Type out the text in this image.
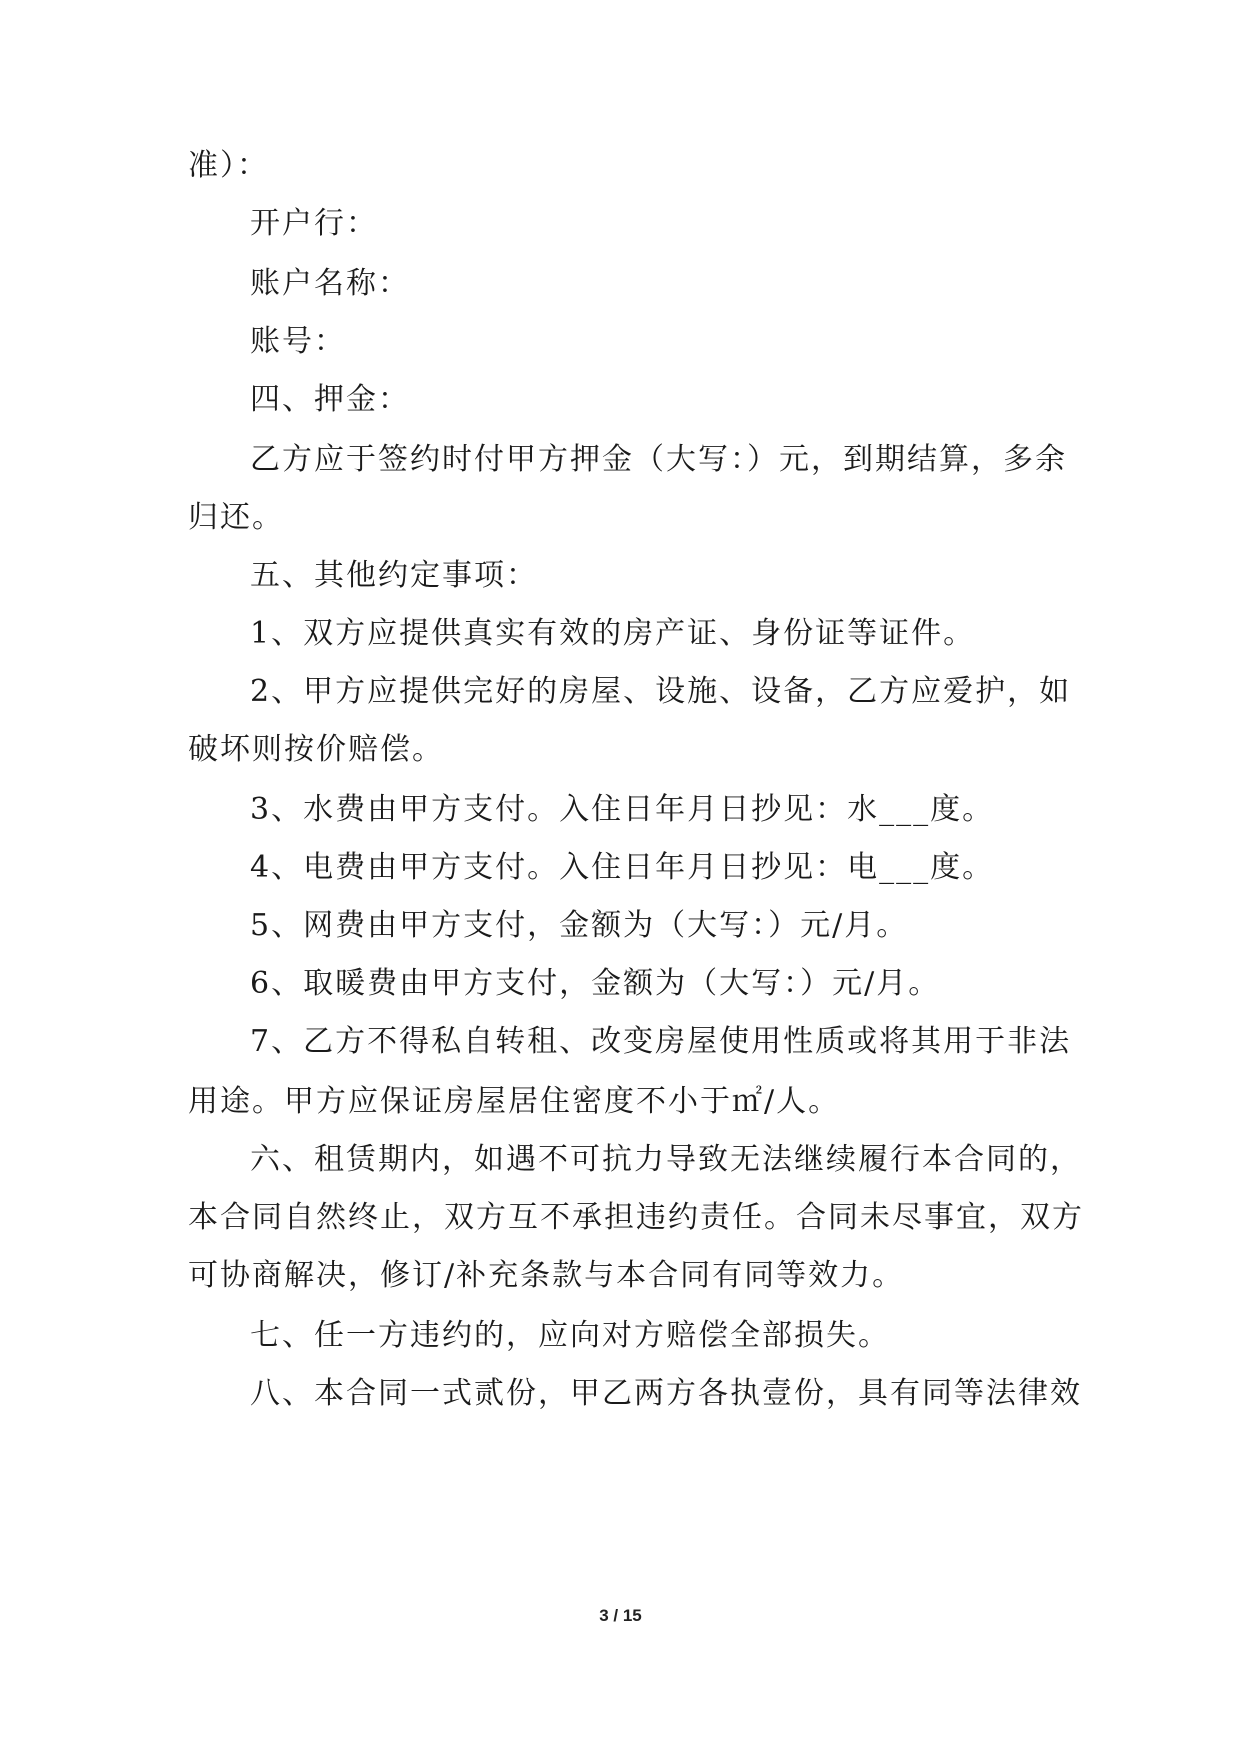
准）：
开户行：
账户名称：
账号：
四、押金：
乙方应于签约时付甲方押金（大写：）元，到期结算，多余
归还。
五、其他约定事项：
1、双方应提供真实有效的房产证、身份证等证件。
2、甲方应提供完好的房屋、设施、设备，乙方应爱护，如
破坏则按价赔偿。
3、水费由甲方支付。入住日年月日抄见：水___度。
4、电费由甲方支付。入住日年月日抄见：电___度。
5、网费由甲方支付，金额为（大写：）元/月。
6、取暖费由甲方支付，金额为（大写：）元/月。
7、乙方不得私自转租、改变房屋使用性质或将其用于非法
用途。甲方应保证房屋居住密度不小于㎡/人。
六、租赁期内，如遇不可抗力导致无法继续履行本合同的，
本合同自然终止，双方互不承担违约责任。合同未尽事宜，双方
可协商解决，修订/补充条款与本合同有同等效力。
七、任一方违约的，应向对方赔偿全部损失。
八、本合同一式贰份，甲乙两方各执壹份，具有同等法律效
3 / 15
